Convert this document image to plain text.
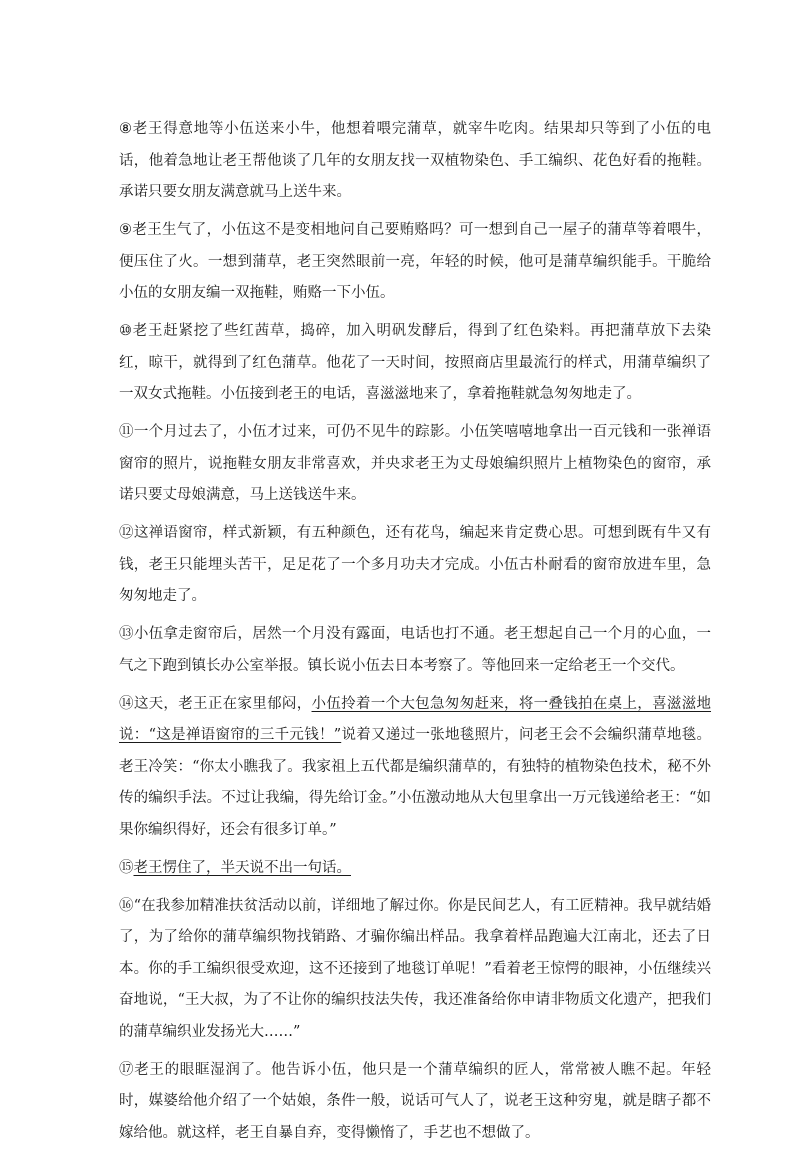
⑧老王得意地等小伍送来小牛，他想着喂完蒲草，就宰牛吃肉。结果却只等到了小伍的电话，他着急地让老王帮他谈了几年的女朋友找一双植物染色、手工编织、花色好看的拖鞋。承诺只要女朋友满意就马上送牛来。

⑨老王生气了，小伍这不是变相地问自己要贿赂吗？可一想到自己一屋子的蒲草等着喂牛，便压住了火。一想到蒲草，老王突然眼前一亮，年轻的时候，他可是蒲草编织能手。干脆给小伍的女朋友编一双拖鞋，贿赂一下小伍。

⑩老王赶紧挖了些红茜草，捣碎，加入明矾发酵后，得到了红色染料。再把蒲草放下去染红，晾干，就得到了红色蒲草。他花了一天时间，按照商店里最流行的样式，用蒲草编织了一双女式拖鞋。小伍接到老王的电话，喜滋滋地来了，拿着拖鞋就急匆匆地走了。

⑪一个月过去了，小伍才过来，可仍不见牛的踪影。小伍笑嘻嘻地拿出一百元钱和一张禅语窗帘的照片，说拖鞋女朋友非常喜欢，并央求老王为丈母娘编织照片上植物染色的窗帘，承诺只要丈母娘满意，马上送钱送牛来。

⑫这禅语窗帘，样式新颖，有五种颜色，还有花鸟，编起来肯定费心思。可想到既有牛又有钱，老王只能埋头苦干，足足花了一个多月功夫才完成。小伍古朴耐看的窗帘放进车里，急匆匆地走了。

⑬小伍拿走窗帘后，居然一个月没有露面，电话也打不通。老王想起自己一个月的心血，一气之下跑到镇长办公室举报。镇长说小伍去日本考察了。等他回来一定给老王一个交代。

⑭这天，老王正在家里郁闷，小伍拎着一个大包急匆匆赶来，将一叠钱拍在桌上，喜滋滋地说：“这是禅语窗帘的三千元钱！”说着又递过一张地毯照片，问老王会不会编织蒲草地毯。老王冷笑：“你太小瞧我了。我家祖上五代都是编织蒲草的，有独特的植物染色技术，秘不外传的编织手法。不过让我编，得先给订金。”小伍激动地从大包里拿出一万元钱递给老王：“如果你编织得好，还会有很多订单。”

⑮老王愣住了，半天说不出一句话。

⑯“在我参加精准扶贫活动以前，详细地了解过你。你是民间艺人，有工匠精神。我早就结婚了，为了给你的蒲草编织物找销路、才骗你编出样品。我拿着样品跑遍大江南北，还去了日本。你的手工编织很受欢迎，这不还接到了地毯订单呢！”看着老王惊愕的眼神，小伍继续兴奋地说，“王大叔，为了不让你的编织技法失传，我还准备给你申请非物质文化遗产，把我们的蒲草编织业发扬光大……”

⑰老王的眼眶湿润了。他告诉小伍，他只是一个蒲草编织的匠人，常常被人瞧不起。年轻时，媒婆给他介绍了一个姑娘，条件一般，说话可气人了，说老王这种穷鬼，就是瞎子都不嫁给他。就这样，老王自暴自弃，变得懒惰了，手艺也不想做了。
